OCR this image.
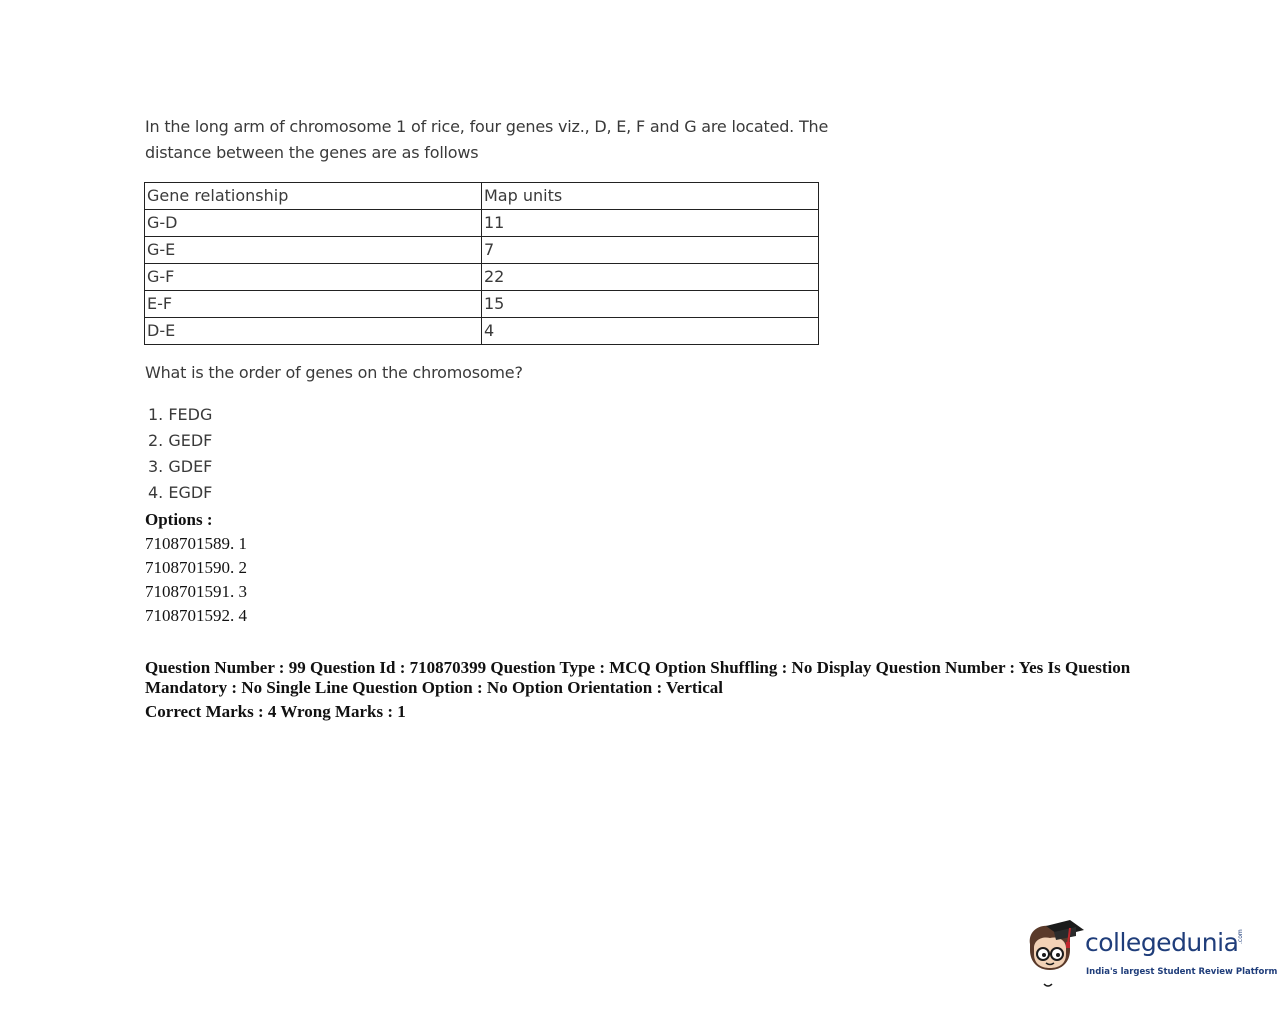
In the long arm of chromosome 1 of rice, four genes viz., D, E, F and G are located. The
distance between the genes are as follows
Gene relationship	Map units
G-D	11
G-E	7
G-F	22
E-F	15
D-E	4
What is the order of genes on the chromosome?
1. FEDG
2. GEDF
3. GDEF
4. EGDF
Options :
7108701589. 1
7108701590. 2
7108701591. 3
7108701592. 4
Question Number : 99 Question Id : 710870399 Question Type : MCQ Option Shuffling : No Display Question Number : Yes Is Question
Mandatory : No Single Line Question Option : No Option Orientation : Vertical
Correct Marks : 4 Wrong Marks : 1
collegedunia
.com
India's largest Student Review Platform
